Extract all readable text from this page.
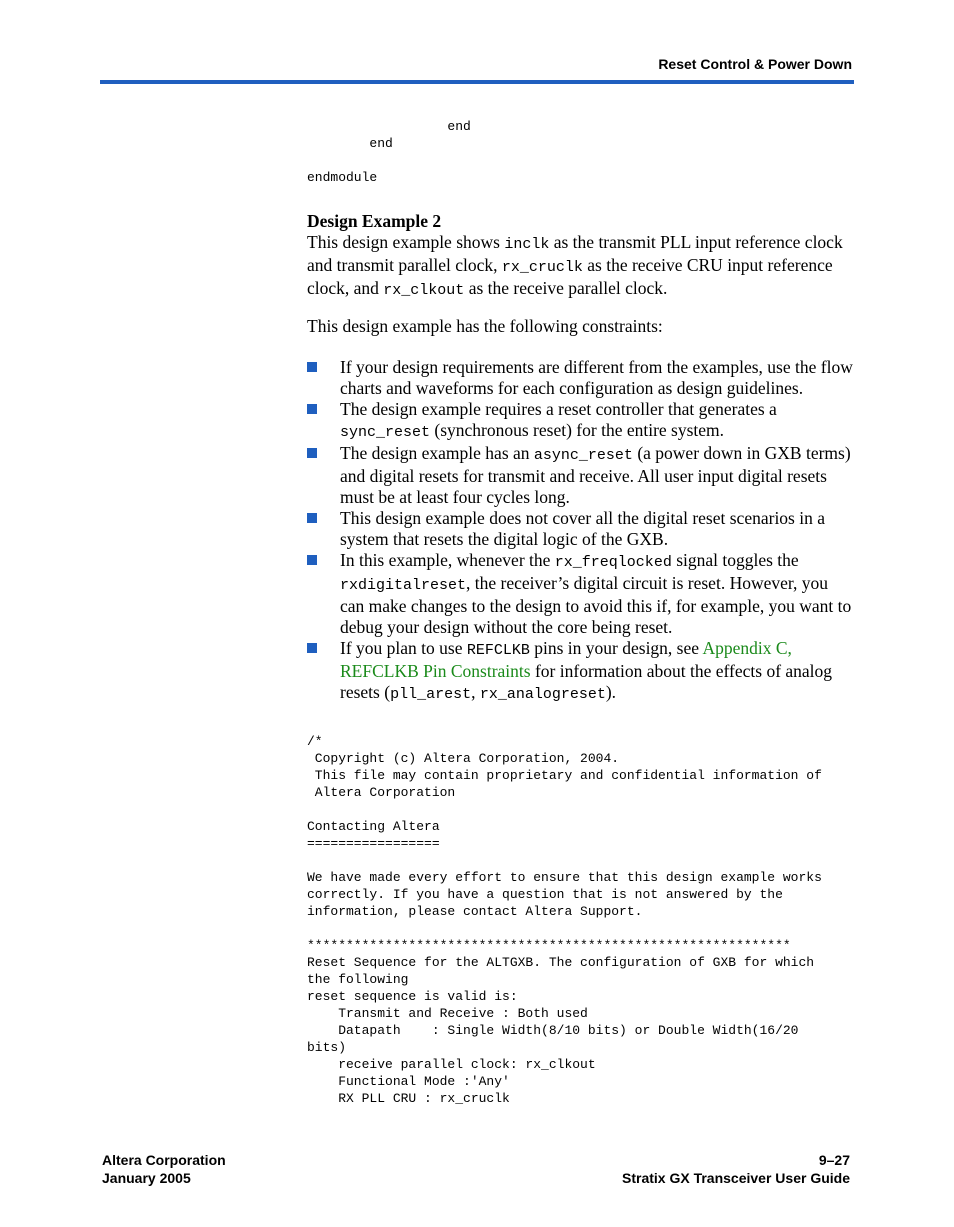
Reset Control & Power Down
end
end

endmodule
Design Example 2

This design example shows inclk as the transmit PLL input reference clock and transmit parallel clock, rx_cruclk as the receive CRU input reference clock, and rx_clkout as the receive parallel clock.

This design example has the following constraints:

If your design requirements are different from the examples, use the flow charts and waveforms for each configuration as design guidelines.
The design example requires a reset controller that generates a sync_reset (synchronous reset) for the entire system.
The design example has an async_reset (a power down in GXB terms) and digital resets for transmit and receive. All user input digital resets must be at least four cycles long.
This design example does not cover all the digital reset scenarios in a system that resets the digital logic of the GXB.
In this example, whenever the rx_freqlocked signal toggles the rxdigitalreset, the receiver’s digital circuit is reset. However, you can make changes to the design to avoid this if, for example, you want to debug your design without the core being reset.
If you plan to use REFCLKB pins in your design, see Appendix C, REFCLKB Pin Constraints for information about the effects of analog resets (pll_arest, rx_analogreset).
/*
Copyright (c) Altera Corporation, 2004.
This file may contain proprietary and confidential information of
Altera Corporation

Contacting Altera
=================

We have made every effort to ensure that this design example works
correctly. If you have a question that is not answered by the
information, please contact Altera Support.

**************************************************************
Reset Sequence for the ALTGXB. The configuration of GXB for which
the following
reset sequence is valid is:
Transmit and Receive : Both used
Datapath    : Single Width(8/10 bits) or Double Width(16/20
bits)
receive parallel clock: rx_clkout
Functional Mode :'Any'
RX PLL CRU : rx_cruclk
Altera Corporation
January 2005
9–27
Stratix GX Transceiver User Guide
